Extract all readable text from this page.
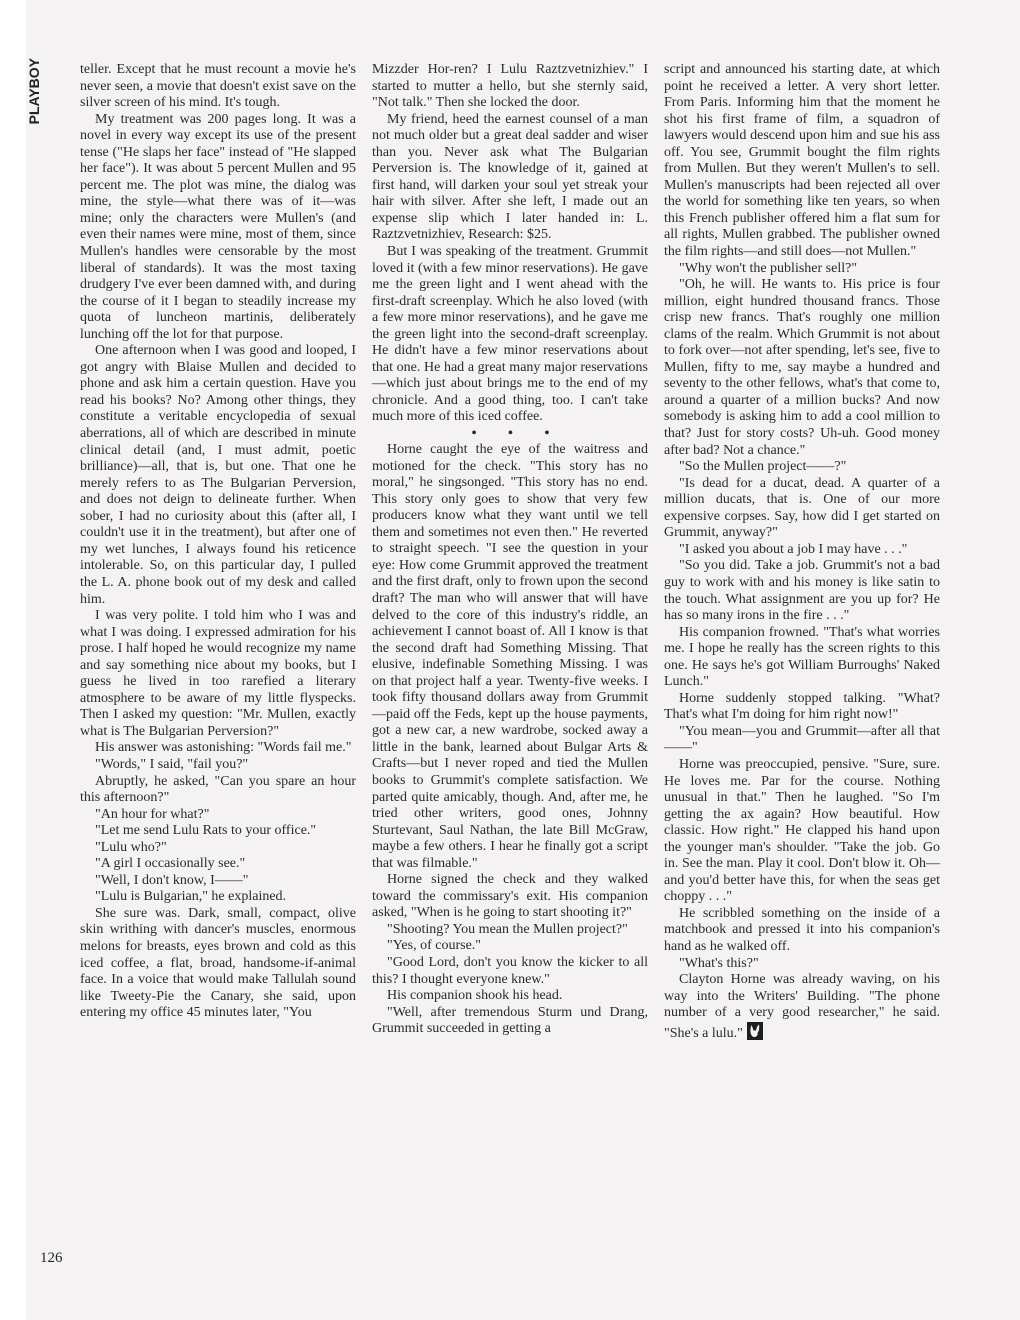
PLAYBOY
126

teller. Except that he must recount a movie he's never seen, a movie that doesn't exist save on the silver screen of his mind. It's tough.

My treatment was 200 pages long. It was a novel in every way except its use of the present tense ("He slaps her face" instead of "He slapped her face"). It was about 5 percent Mullen and 95 percent me. The plot was mine, the dialog was mine, the style—what there was of it—was mine; only the characters were Mullen's (and even their names were mine, most of them, since Mullen's handles were censorable by the most liberal of standards). It was the most taxing drudgery I've ever been damned with, and during the course of it I began to steadily increase my quota of luncheon martinis, deliberately lunching off the lot for that purpose.

One afternoon when I was good and looped, I got angry with Blaise Mullen and decided to phone and ask him a certain question. Have you read his books? No? Among other things, they constitute a veritable encyclopedia of sexual aberrations, all of which are described in minute clinical detail (and, I must admit, poetic brilliance)—all, that is, but one. That one he merely refers to as The Bulgarian Perversion, and does not deign to delineate further. When sober, I had no curiosity about this (after all, I couldn't use it in the treatment), but after one of my wet lunches, I always found his reticence intolerable. So, on this particular day, I pulled the L. A. phone book out of my desk and called him.

I was very polite. I told him who I was and what I was doing. I expressed admiration for his prose. I half hoped he would recognize my name and say something nice about my books, but I guess he lived in too rarefied a literary atmosphere to be aware of my little flyspecks. Then I asked my question: "Mr. Mullen, exactly what is The Bulgarian Perversion?"

His answer was astonishing: "Words fail me."

"Words," I said, "fail you?"

Abruptly, he asked, "Can you spare an hour this afternoon?"

"An hour for what?"

"Let me send Lulu Rats to your office."

"Lulu who?"

"A girl I occasionally see."

"Well, I don't know, I——"

"Lulu is Bulgarian," he explained.

She sure was. Dark, small, compact, olive skin writhing with dancer's muscles, enormous melons for breasts, eyes brown and cold as this iced coffee, a flat, broad, handsome-if-animal face. In a voice that would make Tallulah sound like Tweety-Pie the Canary, she said, upon entering my office 45 minutes later, "You

Mizzder Hor-ren? I Lulu Raztzvetnizhiev." I started to mutter a hello, but she sternly said, "Not talk." Then she locked the door.

My friend, heed the earnest counsel of a man not much older but a great deal sadder and wiser than you. Never ask what The Bulgarian Perversion is. The knowledge of it, gained at first hand, will darken your soul yet streak your hair with silver. After she left, I made out an expense slip which I later handed in: L. Raztzvetnizhiev, Research: $25.

But I was speaking of the treatment. Grummit loved it (with a few minor reservations). He gave me the green light and I went ahead with the first-draft screenplay. Which he also loved (with a few more minor reservations), and he gave me the green light into the second-draft screenplay. He didn't have a few minor reservations about that one. He had a great many major reservations—which just about brings me to the end of my chronicle. And a good thing, too. I can't take much more of this iced coffee.

• • •

Horne caught the eye of the waitress and motioned for the check. "This story has no moral," he singsonged. "This story has no end. This story only goes to show that very few producers know what they want until we tell them and sometimes not even then." He reverted to straight speech. "I see the question in your eye: How come Grummit approved the treatment and the first draft, only to frown upon the second draft? The man who will answer that will have delved to the core of this industry's riddle, an achievement I cannot boast of. All I know is that the second draft had Something Missing. That elusive, indefinable Something Missing. I was on that project half a year. Twenty-five weeks. I took fifty thousand dollars away from Grummit—paid off the Feds, kept up the house payments, got a new car, a new wardrobe, socked away a little in the bank, learned about Bulgar Arts & Crafts—but I never roped and tied the Mullen books to Grummit's complete satisfaction. We parted quite amicably, though. And, after me, he tried other writers, good ones, Johnny Sturtevant, Saul Nathan, the late Bill McGraw, maybe a few others. I hear he finally got a script that was filmable."

Horne signed the check and they walked toward the commissary's exit. His companion asked, "When is he going to start shooting it?"

"Shooting? You mean the Mullen project?"

"Yes, of course."

"Good Lord, don't you know the kicker to all this? I thought everyone knew."

His companion shook his head.

"Well, after tremendous Sturm und Drang, Grummit succeeded in getting a

script and announced his starting date, at which point he received a letter. A very short letter. From Paris. Informing him that the moment he shot his first frame of film, a squadron of lawyers would descend upon him and sue his ass off. You see, Grummit bought the film rights from Mullen. But they weren't Mullen's to sell. Mullen's manuscripts had been rejected all over the world for something like ten years, so when this French publisher offered him a flat sum for all rights, Mullen grabbed. The publisher owned the film rights—and still does—not Mullen."

"Why won't the publisher sell?"

"Oh, he will. He wants to. His price is four million, eight hundred thousand francs. Those crisp new francs. That's roughly one million clams of the realm. Which Grummit is not about to fork over—not after spending, let's see, five to Mullen, fifty to me, say maybe a hundred and seventy to the other fellows, what's that come to, around a quarter of a million bucks? And now somebody is asking him to add a cool million to that? Just for story costs? Uh-uh. Good money after bad? Not a chance."

"So the Mullen project——?"

"Is dead for a ducat, dead. A quarter of a million ducats, that is. One of our more expensive corpses. Say, how did I get started on Grummit, anyway?"

"I asked you about a job I may have . . ."

"So you did. Take a job. Grummit's not a bad guy to work with and his money is like satin to the touch. What assignment are you up for? He has so many irons in the fire . . ."

His companion frowned. "That's what worries me. I hope he really has the screen rights to this one. He says he's got William Burroughs' Naked Lunch."

Horne suddenly stopped talking. "What? That's what I'm doing for him right now!"

"You mean—you and Grummit—after all that——"

Horne was preoccupied, pensive. "Sure, sure. He loves me. Par for the course. Nothing unusual in that." Then he laughed. "So I'm getting the ax again? How beautiful. How classic. How right." He clapped his hand upon the younger man's shoulder. "Take the job. Go in. See the man. Play it cool. Don't blow it. Oh—and you'd better have this, for when the seas get choppy . . ."

He scribbled something on the inside of a matchbook and pressed it into his companion's hand as he walked off.

"What's this?"

Clayton Horne was already waving, on his way into the Writers' Building. "The phone number of a very good researcher," he said. "She's a lulu."
